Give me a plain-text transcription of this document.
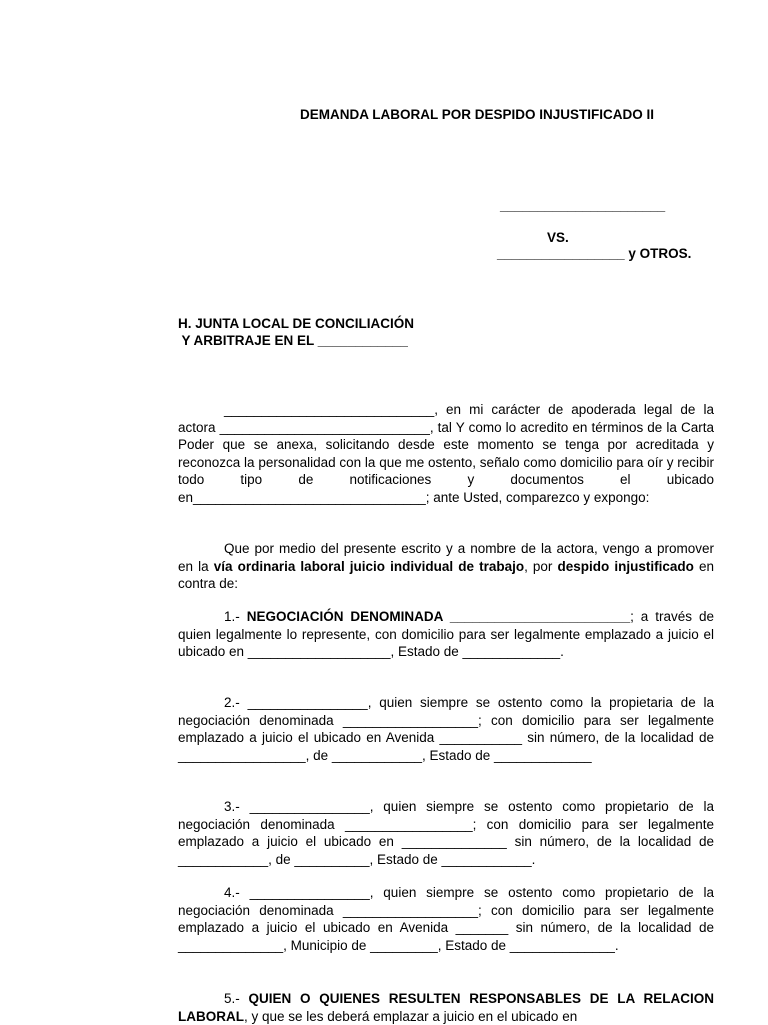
DEMANDA LABORAL POR DESPIDO INJUSTIFICADO II
______________________
VS.
_________________ y OTROS.
H. JUNTA LOCAL DE CONCILIACIÓN
Y ARBITRAJE EN EL ____________
____________________________, en mi carácter de apoderada legal de la actora ____________________________, tal Y como lo acredito en términos de la Carta Poder que se anexa, solicitando desde este momento se tenga por acreditada y reconozca la personalidad con la que me ostento, señalo como domicilio para oír y recibir todo tipo de notificaciones y documentos el ubicado en_______________________________; ante Usted, comparezco y expongo:
Que por medio del presente escrito y a nombre de la actora, vengo a promover en la vía ordinaria laboral juicio individual de trabajo, por despido injustificado en contra de:
1.- NEGOCIACIÓN DENOMINADA ________________________; a través de quien legalmente lo represente, con domicilio para ser legalmente emplazado a juicio el ubicado en ___________________, Estado de _____________.
2.- ________________, quien siempre se ostento como la propietaria de la negociación denominada __________________; con domicilio para ser legalmente emplazado a juicio el ubicado en Avenida ___________ sin número, de la localidad de _________________, de ____________, Estado de _____________
3.- ________________, quien siempre se ostento como propietario de la negociación denominada _________________; con domicilio para ser legalmente emplazado a juicio el ubicado en ______________ sin número, de la localidad de ____________, de __________, Estado de ____________.
4.- ________________, quien siempre se ostento como propietario de la negociación denominada __________________; con domicilio para ser legalmente emplazado a juicio el ubicado en Avenida _______ sin número, de la localidad de ______________, Municipio de _________, Estado de ______________.
5.- QUIEN O QUIENES RESULTEN RESPONSABLES DE LA RELACION LABORAL, y que se les deberá emplazar a juicio en el ubicado en
